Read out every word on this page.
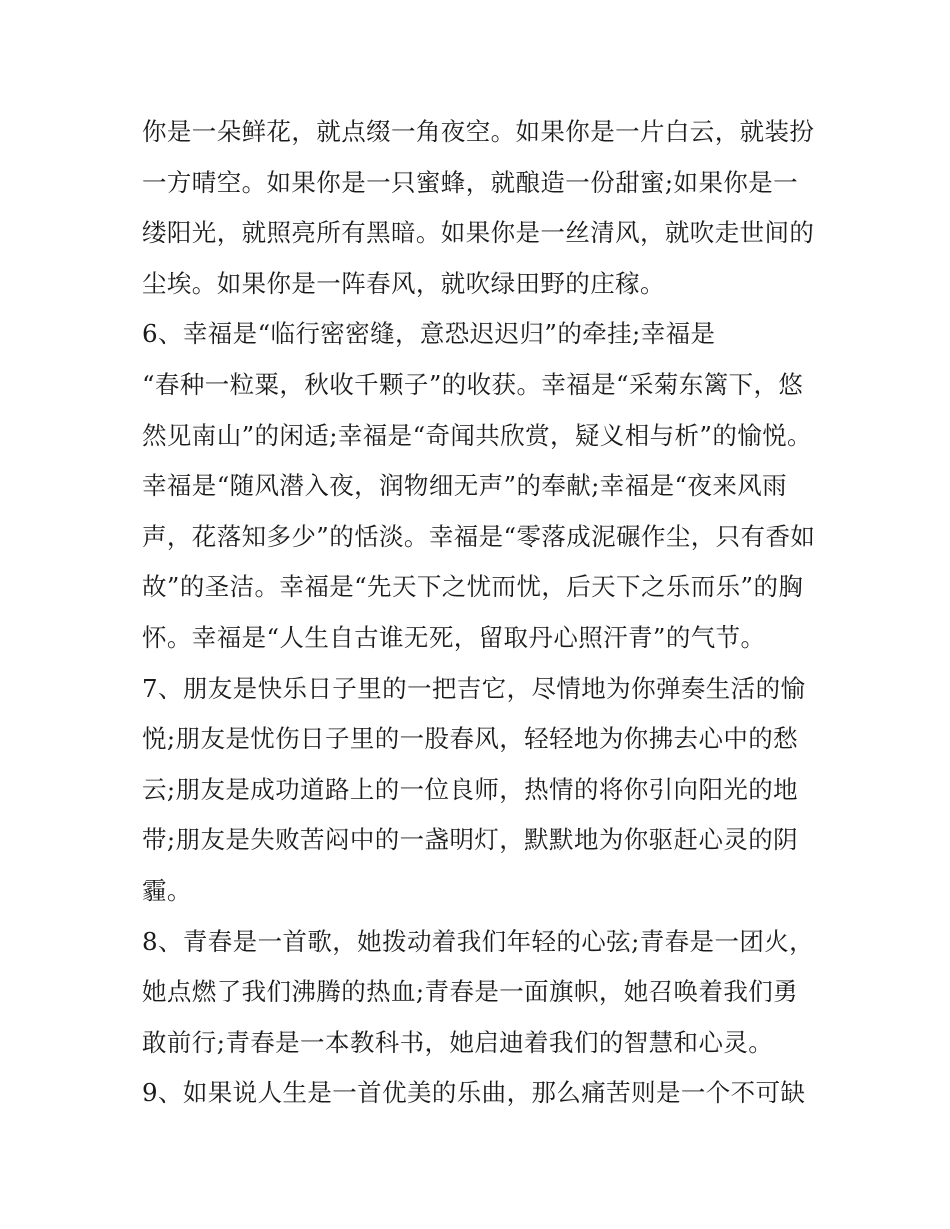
你是一朵鲜花，就点缀一角夜空。如果你是一片白云，就装扮
一方晴空。如果你是一只蜜蜂，就酿造一份甜蜜;如果你是一
缕阳光，就照亮所有黑暗。如果你是一丝清风，就吹走世间的
尘埃。如果你是一阵春风，就吹绿田野的庄稼。
6、幸福是“临行密密缝，意恐迟迟归”的牵挂;幸福是
“春种一粒粟，秋收千颗子”的收获。幸福是“采菊东篱下，悠
然见南山”的闲适;幸福是“奇闻共欣赏，疑义相与析”的愉悦。
幸福是“随风潜入夜，润物细无声”的奉献;幸福是“夜来风雨
声，花落知多少”的恬淡。幸福是“零落成泥碾作尘，只有香如
故”的圣洁。幸福是“先天下之忧而忧，后天下之乐而乐”的胸
怀。幸福是“人生自古谁无死，留取丹心照汗青”的气节。
7、朋友是快乐日子里的一把吉它，尽情地为你弹奏生活的愉
悦;朋友是忧伤日子里的一股春风，轻轻地为你拂去心中的愁
云;朋友是成功道路上的一位良师，热情的将你引向阳光的地
带;朋友是失败苦闷中的一盏明灯，默默地为你驱赶心灵的阴
霾。
8、青春是一首歌，她拨动着我们年轻的心弦;青春是一团火，
她点燃了我们沸腾的热血;青春是一面旗帜，她召唤着我们勇
敢前行;青春是一本教科书，她启迪着我们的智慧和心灵。
9、如果说人生是一首优美的乐曲，那么痛苦则是一个不可缺
